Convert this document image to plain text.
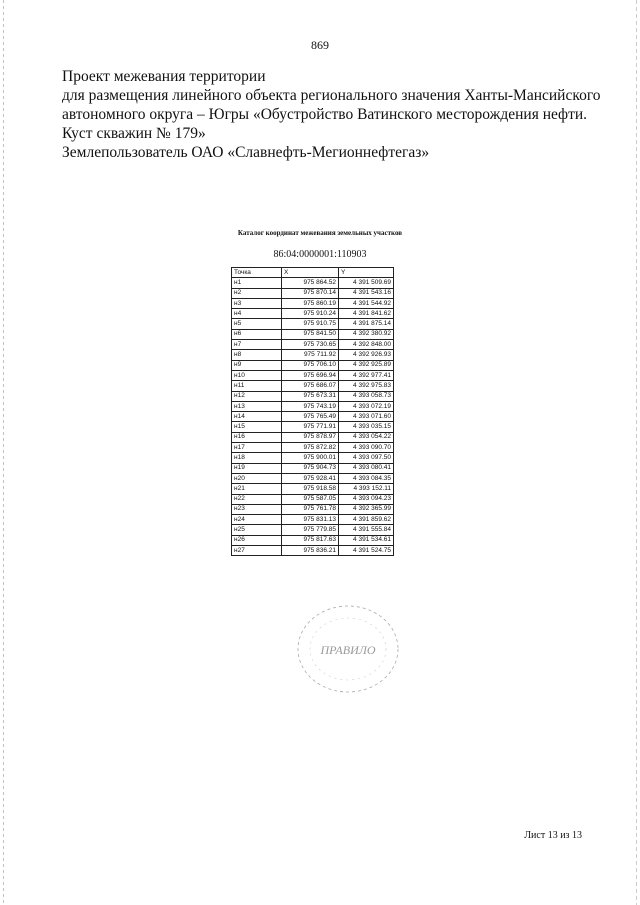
869
Проект межевания территории
для размещения линейного объекта регионального значения Ханты-Мансийского
автономного округа – Югры «Обустройство Ватинского месторождения нефти.
Куст скважин № 179»
Землепользователь ОАО «Славнефть-Мегионнефтегаз»
Каталог координат межевания земельных участков
86:04:0000001:110903
Точка	X	Y
н1	975 864.52	4 391 509.69
н2	975 870.14	4 391 543.16
н3	975 860.19	4 391 544.92
н4	975 910.24	4 391 841.62
н5	975 910.75	4 391 875.14
н6	975 841.50	4 392 380.92
н7	975 730.65	4 392 848.00
н8	975 711.92	4 392 926.93
н9	975 706.10	4 392 925.89
н10	975 696.94	4 392 977.41
н11	975 686.07	4 392 975.83
н12	975 673.31	4 393 058.73
н13	975 743.19	4 393 072.19
н14	975 765.49	4 393 071.60
н15	975 771.91	4 393 035.15
н16	975 878.97	4 393 054.22
н17	975 872.82	4 393 090.70
н18	975 900.01	4 393 097.50
н19	975 904.73	4 393 080.41
н20	975 928.41	4 393 084.35
н21	975 918.58	4 393 152.11
н22	975 587.05	4 393 094.23
н23	975 761.78	4 392 365.99
н24	975 831.13	4 391 859.62
н25	975 779.85	4 391 555.84
н26	975 817.63	4 391 534.61
н27	975 836.21	4 391 524.75
ПРАВИЛО
Лист 13 из 13
